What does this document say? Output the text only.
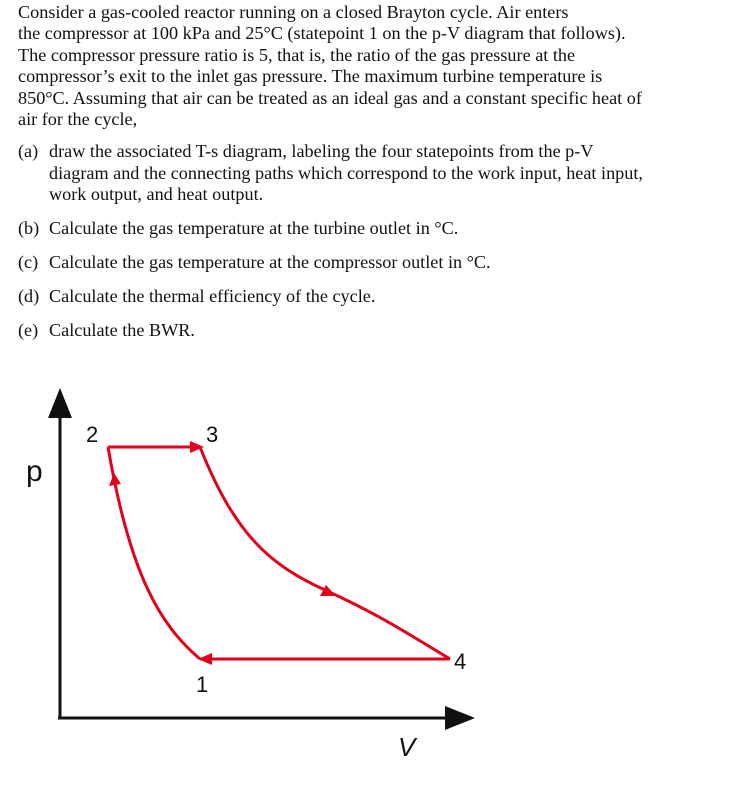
Consider a gas-cooled reactor running on a closed Brayton cycle. Air enters
the compressor at 100 kPa and 25°C (statepoint 1 on the p-V diagram that follows).
The compressor pressure ratio is 5, that is, the ratio of the gas pressure at the
compressor’s exit to the inlet gas pressure. The maximum turbine temperature is
850°C. Assuming that air can be treated as an ideal gas and a constant specific heat of
air for the cycle,

(a) draw the associated T-s diagram, labeling the four statepoints from the p-V
diagram and the connecting paths which correspond to the work input, heat input,
work output, and heat output.
(b) Calculate the gas temperature at the turbine outlet in °C.
(c) Calculate the gas temperature at the compressor outlet in °C.
(d) Calculate the thermal efficiency of the cycle.
(e) Calculate the BWR.
p
V
1
2	3
4
